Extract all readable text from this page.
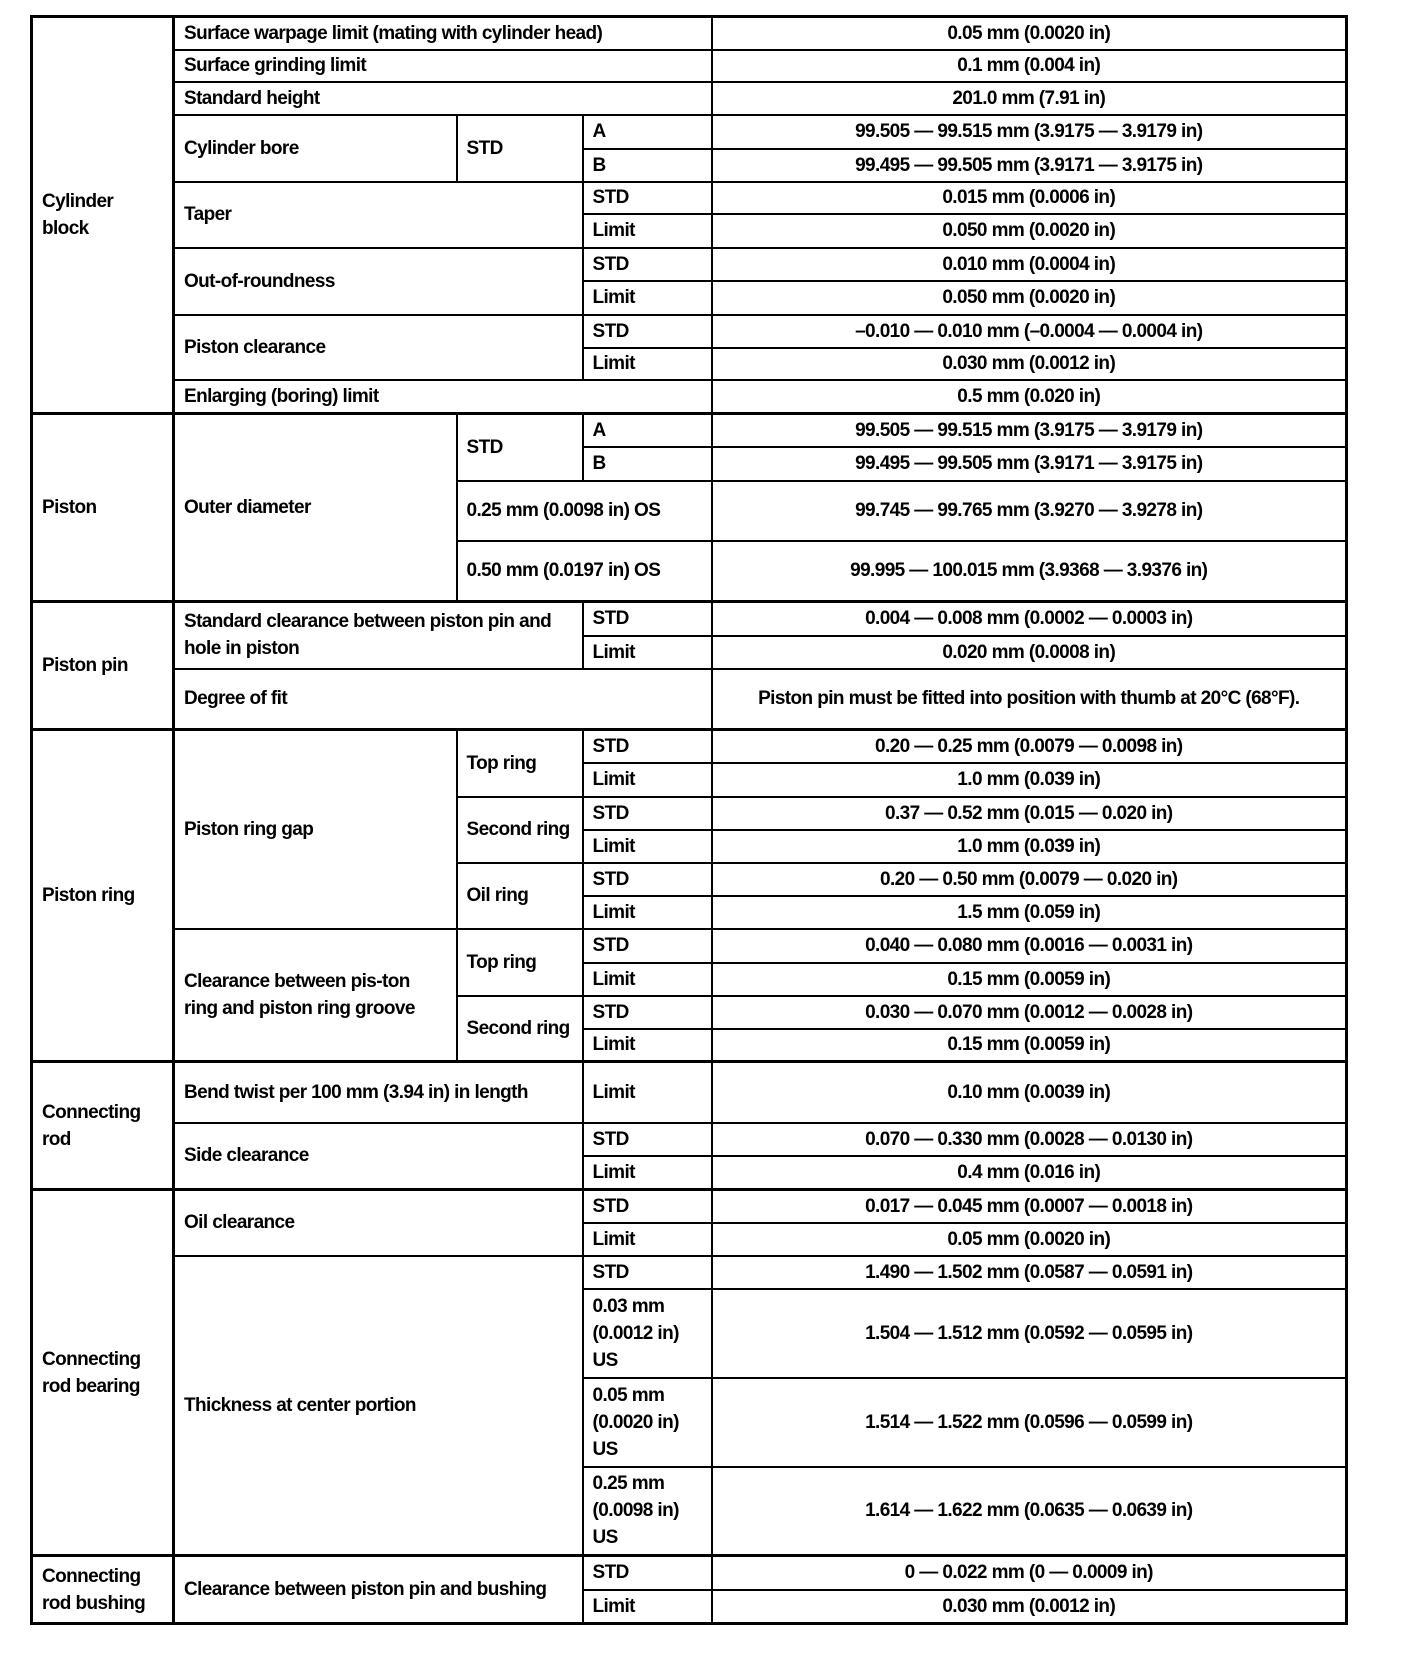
Cylinder block	Surface warpage limit (mating with cylinder head)			0.05 mm (0.0020 in)
	Surface grinding limit			0.1 mm (0.004 in)
	Standard height			201.0 mm (7.91 in)
	Cylinder bore	STD	A	99.505 — 99.515 mm (3.9175 — 3.9179 in)
			B	99.495 — 99.505 mm (3.9171 — 3.9175 in)
	Taper		STD	0.015 mm (0.0006 in)
			Limit	0.050 mm (0.0020 in)
	Out-of-roundness		STD	0.010 mm (0.0004 in)
			Limit	0.050 mm (0.0020 in)
	Piston clearance		STD	–0.010 — 0.010 mm (–0.0004 — 0.0004 in)
			Limit	0.030 mm (0.0012 in)
	Enlarging (boring) limit			0.5 mm (0.020 in)
Piston	Outer diameter	STD	A	99.505 — 99.515 mm (3.9175 — 3.9179 in)
			B	99.495 — 99.505 mm (3.9171 — 3.9175 in)
		0.25 mm (0.0098 in) OS		99.745 — 99.765 mm (3.9270 — 3.9278 in)
		0.50 mm (0.0197 in) OS		99.995 — 100.015 mm (3.9368 — 3.9376 in)
Piston pin	Standard clearance between piston pin and hole in piston		STD	0.004 — 0.008 mm (0.0002 — 0.0003 in)
			Limit	0.020 mm (0.0008 in)
	Degree of fit			Piston pin must be fitted into position with thumb at 20°C (68°F).
Piston ring	Piston ring gap	Top ring	STD	0.20 — 0.25 mm (0.0079 — 0.0098 in)
			Limit	1.0 mm (0.039 in)
		Second ring	STD	0.37 — 0.52 mm (0.015 — 0.020 in)
			Limit	1.0 mm (0.039 in)
		Oil ring	STD	0.20 — 0.50 mm (0.0079 — 0.020 in)
			Limit	1.5 mm (0.059 in)
	Clearance between pis-ton ring and piston ring groove	Top ring	STD	0.040 — 0.080 mm (0.0016 — 0.0031 in)
			Limit	0.15 mm (0.0059 in)
		Second ring	STD	0.030 — 0.070 mm (0.0012 — 0.0028 in)
			Limit	0.15 mm (0.0059 in)
Connecting rod	Bend twist per 100 mm (3.94 in) in length		Limit	0.10 mm (0.0039 in)
	Side clearance		STD	0.070 — 0.330 mm (0.0028 — 0.0130 in)
			Limit	0.4 mm (0.016 in)
Connecting rod bearing	Oil clearance		STD	0.017 — 0.045 mm (0.0007 — 0.0018 in)
			Limit	0.05 mm (0.0020 in)
	Thickness at center portion		STD	1.490 — 1.502 mm (0.0587 — 0.0591 in)
			0.03 mm (0.0012 in) US	1.504 — 1.512 mm (0.0592 — 0.0595 in)
			0.05 mm (0.0020 in) US	1.514 — 1.522 mm (0.0596 — 0.0599 in)
			0.25 mm (0.0098 in) US	1.614 — 1.622 mm (0.0635 — 0.0639 in)
Connecting rod bushing	Clearance between piston pin and bushing		STD	0 — 0.022 mm (0 — 0.0009 in)
			Limit	0.030 mm (0.0012 in)
